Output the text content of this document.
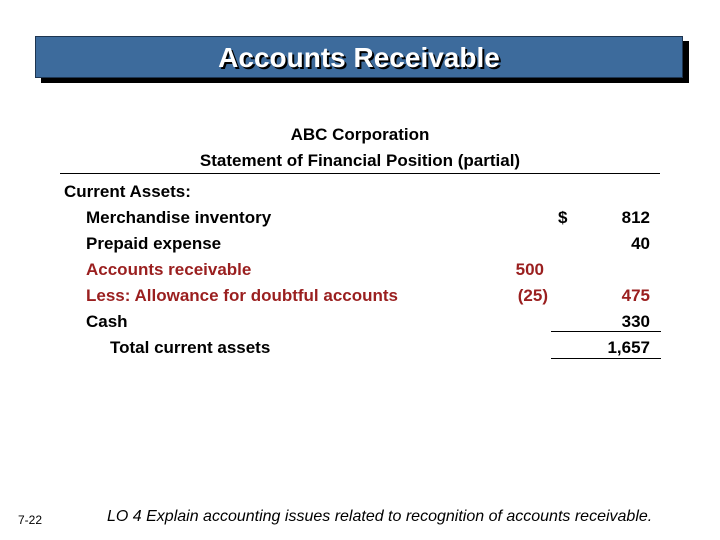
Accounts Receivable
ABC Corporation
Statement of Financial Position (partial)
Current Assets:
Merchandise inventory	$	812
Prepaid expense	40
Accounts receivable	500
Less: Allowance for doubtful accounts	(25)	475
Cash	330
Total current assets	1,657
7-22	LO 4 Explain accounting issues related to recognition of accounts receivable.
